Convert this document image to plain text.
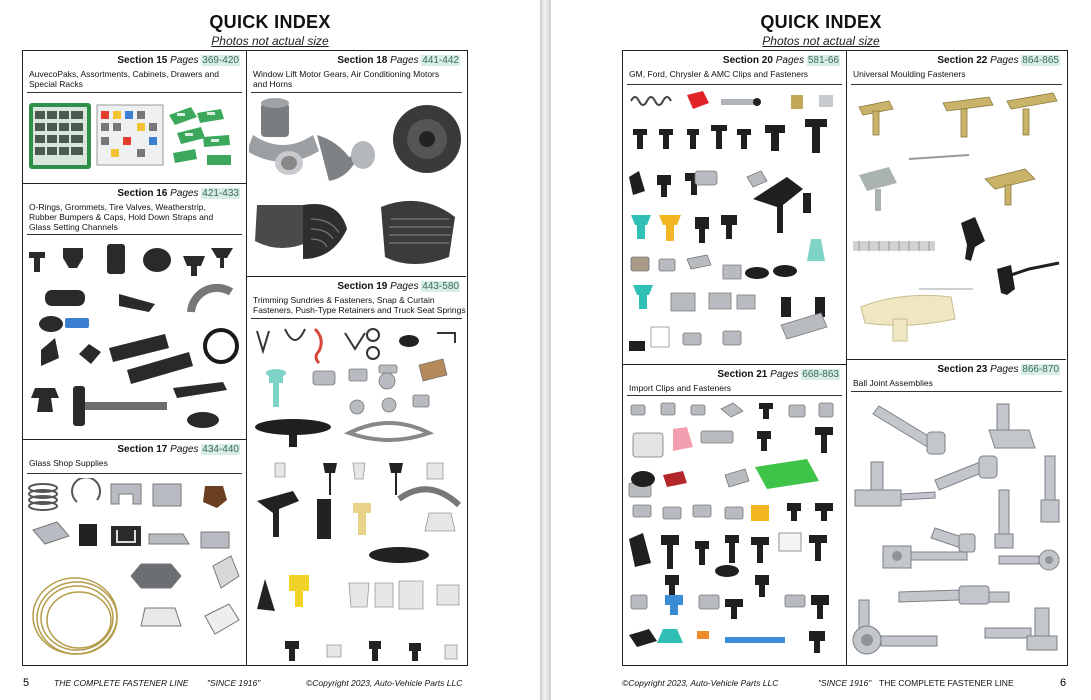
QUICK INDEX
Photos not actual size
Section 15 Pages 369-420
AuvecoPaks, Assortments, Cabinets, Drawers and
Special Racks
Section 16 Pages 421-433
O-Rings, Grommets, Tire Valves, Weatherstrip,
Rubber Bumpers & Caps, Hold Down Straps and
Glass Setting Channels
Section 17 Pages 434-440
Glass Shop Supplies
Section 18 Pages 441-442
Window Lift Motor Gears, Air Conditioning Motors
and Horns
Section 19 Pages 443-580
Trimming Sundries & Fasteners, Snap & Curtain
Fasteners, Push-Type Retainers and Truck Seat Springs
5	THE COMPLETE FASTENER LINE "SINCE 1916"	©Copyright 2023, Auto-Vehicle Parts LLC
QUICK INDEX
Photos not actual size
Section 20 Pages 581-66
GM, Ford, Chrysler & AMC Clips and Fasteners
Section 21 Pages 668-863
Import Clips and Fasteners
Section 22 Pages 864-865
Universal Moulding Fasteners
Section 23 Pages 866-870
Ball Joint Assemblies
©Copyright 2023, Auto-Vehicle Parts LLC	"SINCE 1916" THE COMPLETE FASTENER LINE	6
